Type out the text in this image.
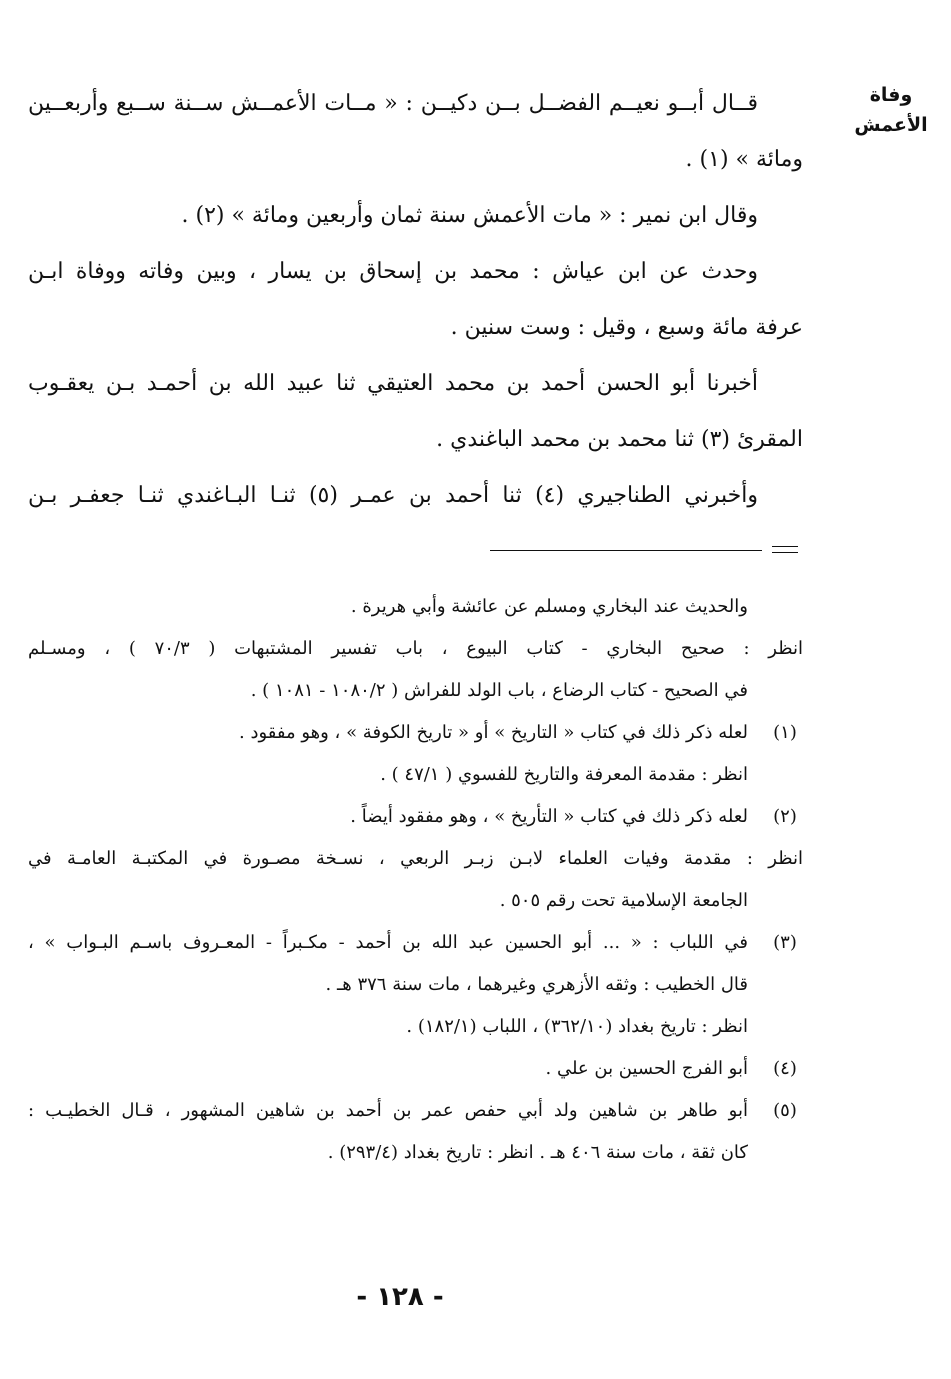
وفاة
الأعمش
قــال أبــو نعيــم الفضــل بــن دكيــن : « مــات الأعمــش ســنة ســبع وأربعــين
ومائة » (١) .
وقال ابن نمير : « مات الأعمش سنة ثمان وأربعين ومائة » (٢) .
وحدث عن ابن عياش : محمد بن إسحاق بن يسار ، وبين وفاته ووفاة ابـن
عرفة مائة وسبع ، وقيل : وست سنين .
أخبرنا أبو الحسن أحمد بن محمد العتيقي ثنا عبيد الله بن أحمـد بـن يعقـوب
المقرئ (٣) ثنا محمد بن محمد الباغندي .
وأخبرني الطناجيري (٤) ثنا أحمد بن عمـر (٥) ثنـا البـاغندي ثنـا جعفـر بـن
والحديث عند البخاري ومسلم عن عائشة وأبي هريرة .
انظر : صحيح البخاري - كتاب البيوع ، باب تفسير المشتبهات ( ٧٠/٣ ) ، ومسـلم
في الصحيح - كتاب الرضاع ، باب الولد للفراش ( ١٠٨٠/٢ - ١٠٨١ ) .
(١)
لعله ذكر ذلك في كتاب « التاريخ » أو « تاريخ الكوفة » ، وهو مفقود .
انظر : مقدمة المعرفة والتاريخ للفسوي ( ٤٧/١ ) .
(٢)
لعله ذكر ذلك في كتاب « التأريخ » ، وهو مفقود أيضاً .
انظر : مقدمة وفيات العلماء لابـن زبـر الربعي ، نسـخة مصـورة في المكتبـة العامـة في
الجامعة الإسلامية تحت رقم ٥٠٥ .
(٣)
في اللباب : « ... أبو الحسين عبد الله بن أحمد - مكـبراً - المعـروف باسـم البـواب » ،
قال الخطيب : وثقه الأزهري وغيرهما ، مات سنة ٣٧٦ هـ .
انظر : تاريخ بغداد (٣٦٢/١٠) ، اللباب (١٨٢/١) .
(٤)
أبو الفرج الحسين بن علي .
(٥)
أبو طاهر بن شاهين ولد أبي حفص عمر بن أحمد بن شاهين المشهور ، قـال الخطيـب :
كان ثقة ، مات سنة ٤٠٦ هـ . انظر : تاريخ بغداد (٢٩٣/٤) .
- ١٢٨ -
